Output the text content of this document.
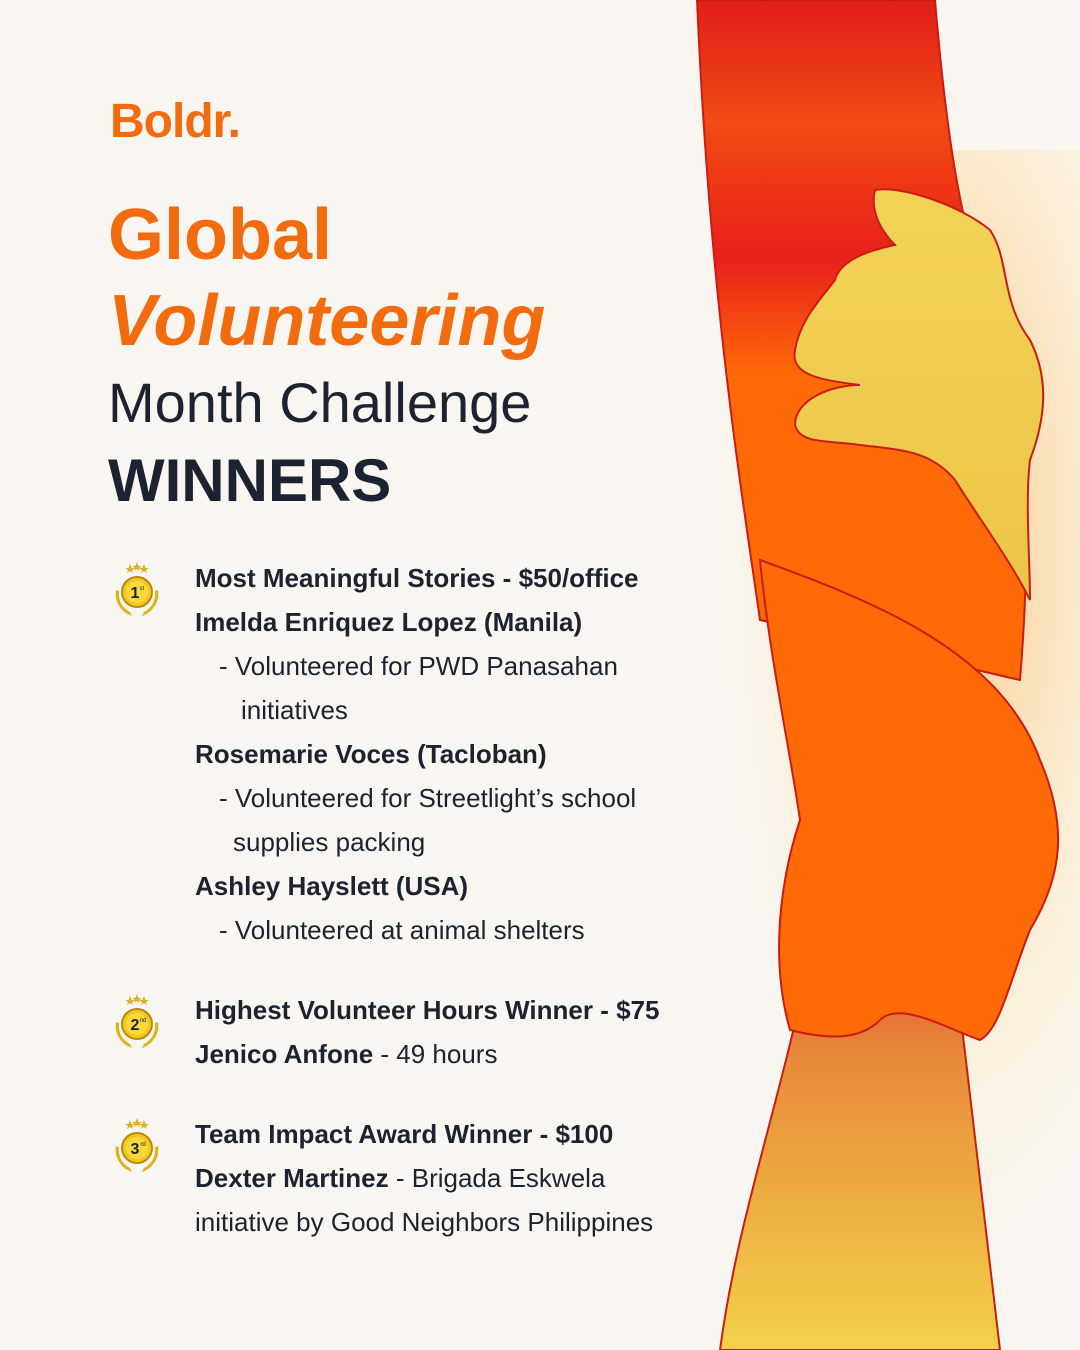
Boldr.
Global
Volunteering
Month Challenge
WINNERS
1 st
2 nd
3 rd
Most Meaningful Stories - $50/office
Imelda Enriquez Lopez (Manila)
- Volunteered for PWD Panasahan
initiatives
Rosemarie Voces (Tacloban)
- Volunteered for Streetlight’s school
supplies packing
Ashley Hayslett (USA)
- Volunteered at animal shelters
Highest Volunteer Hours Winner - $75
Jenico Anfone - 49 hours
Team Impact Award Winner - $100
Dexter Martinez - Brigada Eskwela
initiative by Good Neighbors Philippines
